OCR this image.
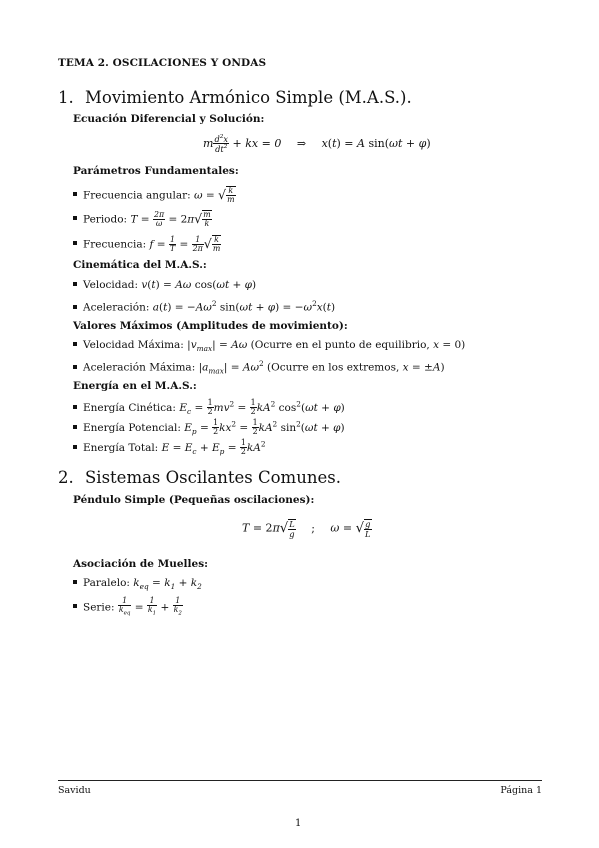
TEMA 2. OSCILACIONES Y ONDAS
1. Movimiento Armónico Simple (M.A.S.).
Ecuación Diferencial y Solución:
m $\frac{d^2x}{dt^2}$ + kx = 0 ⇒ x(t) = A sin(ωt + φ)
Parámetros Fundamentales:
Frecuencia angular: ω = √ $\frac{k}{m}$
Periodo: $T = \frac{2\pi}{\omega} = 2\pi√ \frac{m}{k}$
Frecuencia: $f = \frac{1}{T} = \frac{1}{2\pi}$ √ $\frac{k}{m}$
Cinemática del M.A.S.:
Velocidad: v(t) = Aω cos(ωt + φ)
Aceleración: $a(t) = -A\omega^2$ $\sin(\omega t + \varphi) = -\omega^2x(t)$
Valores Máximos (Amplitudes de movimiento):
Velocidad Máxima: $|v_{max}| = A\omega$ (Ocurre en el punto de equilibrio, x = 0)
Aceleración Máxima: $|a_{max}| = A\omega^2$ (Ocurre en los extremos, x = ±A)
Energía en el M.A.S.:
Energía Cinética: $E_c = \frac{1}{2} mv^2 = \frac{1}{2} kA^2$ $\cos^2(\omega t + \varphi)$
Energía Potencial: $E_p = \frac{1}{2} kx^2 = \frac{1}{2} kA^2$ $\sin^2(\omega t + \varphi)$
Energía Total: $E = E_c + E_p = \frac{1}{2} kA^2$
2. Sistemas Oscilantes Comunes.
Péndulo Simple (Pequeñas oscilaciones):
$T = 2\pi√ \frac{L}{g}$ ; ω = √ $\frac{g}{L}$
Asociación de Muelles:
Paralelo: $k_{eq} = k_1 + k_2$
Serie: $\frac{1}{k_{eq}} = \frac{1}{k_1} + \frac{1}{k_2}$
Savidu	Página 1
1
